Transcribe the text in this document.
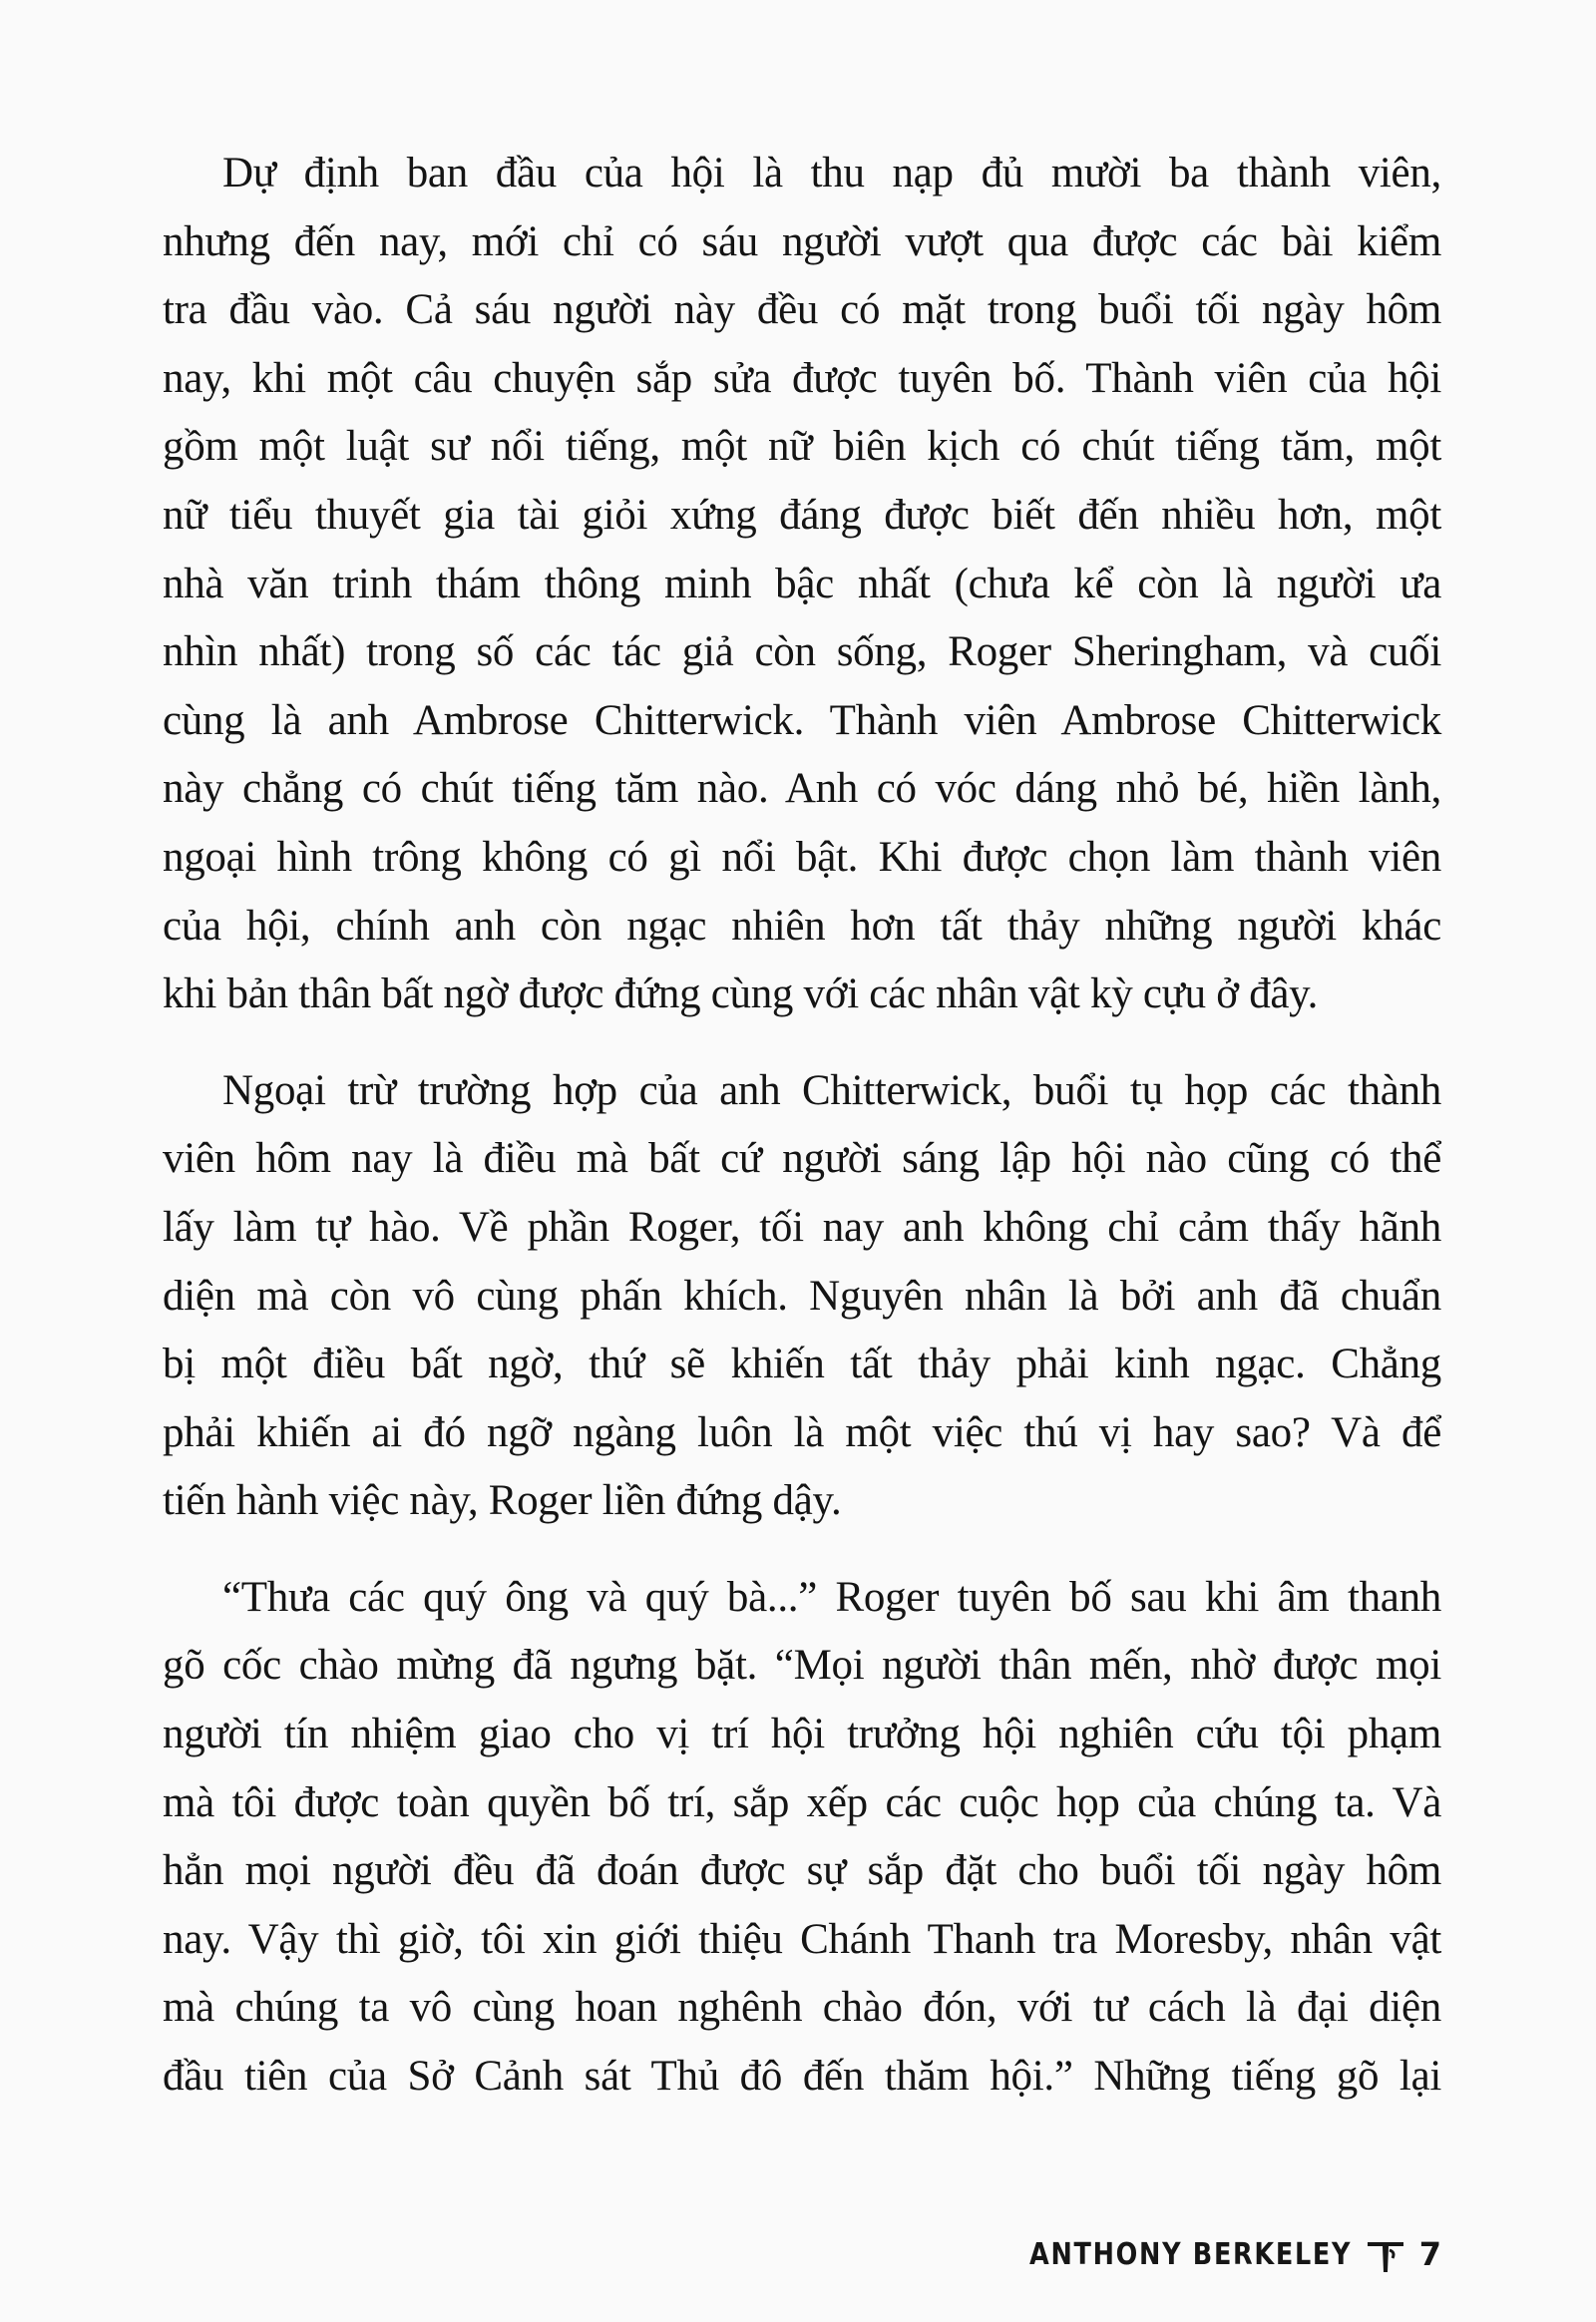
Dự định ban đầu của hội là thu nạp đủ mười ba thành viên,
nhưng đến nay, mới chỉ có sáu người vượt qua được các bài kiểm
tra đầu vào. Cả sáu người này đều có mặt trong buổi tối ngày hôm
nay, khi một câu chuyện sắp sửa được tuyên bố. Thành viên của hội
gồm một luật sư nổi tiếng, một nữ biên kịch có chút tiếng tăm, một
nữ tiểu thuyết gia tài giỏi xứng đáng được biết đến nhiều hơn, một
nhà văn trinh thám thông minh bậc nhất (chưa kể còn là người ưa
nhìn nhất) trong số các tác giả còn sống, Roger Sheringham, và cuối
cùng là anh Ambrose Chitterwick. Thành viên Ambrose Chitterwick
này chẳng có chút tiếng tăm nào. Anh có vóc dáng nhỏ bé, hiền lành,
ngoại hình trông không có gì nổi bật. Khi được chọn làm thành viên
của hội, chính anh còn ngạc nhiên hơn tất thảy những người khác
khi bản thân bất ngờ được đứng cùng với các nhân vật kỳ cựu ở đây.
Ngoại trừ trường hợp của anh Chitterwick, buổi tụ họp các thành
viên hôm nay là điều mà bất cứ người sáng lập hội nào cũng có thể
lấy làm tự hào. Về phần Roger, tối nay anh không chỉ cảm thấy hãnh
diện mà còn vô cùng phấn khích. Nguyên nhân là bởi anh đã chuẩn
bị một điều bất ngờ, thứ sẽ khiến tất thảy phải kinh ngạc. Chẳng
phải khiến ai đó ngỡ ngàng luôn là một việc thú vị hay sao? Và để
tiến hành việc này, Roger liền đứng dậy.
“Thưa các quý ông và quý bà...” Roger tuyên bố sau khi âm thanh
gõ cốc chào mừng đã ngưng bặt. “Mọi người thân mến, nhờ được mọi
người tín nhiệm giao cho vị trí hội trưởng hội nghiên cứu tội phạm
mà tôi được toàn quyền bố trí, sắp xếp các cuộc họp của chúng ta. Và
hẳn mọi người đều đã đoán được sự sắp đặt cho buổi tối ngày hôm
nay. Vậy thì giờ, tôi xin giới thiệu Chánh Thanh tra Moresby, nhân vật
mà chúng ta vô cùng hoan nghênh chào đón, với tư cách là đại diện
đầu tiên của Sở Cảnh sát Thủ đô đến thăm hội.” Những tiếng gõ lại
ANTHONY BERKELEY 7
